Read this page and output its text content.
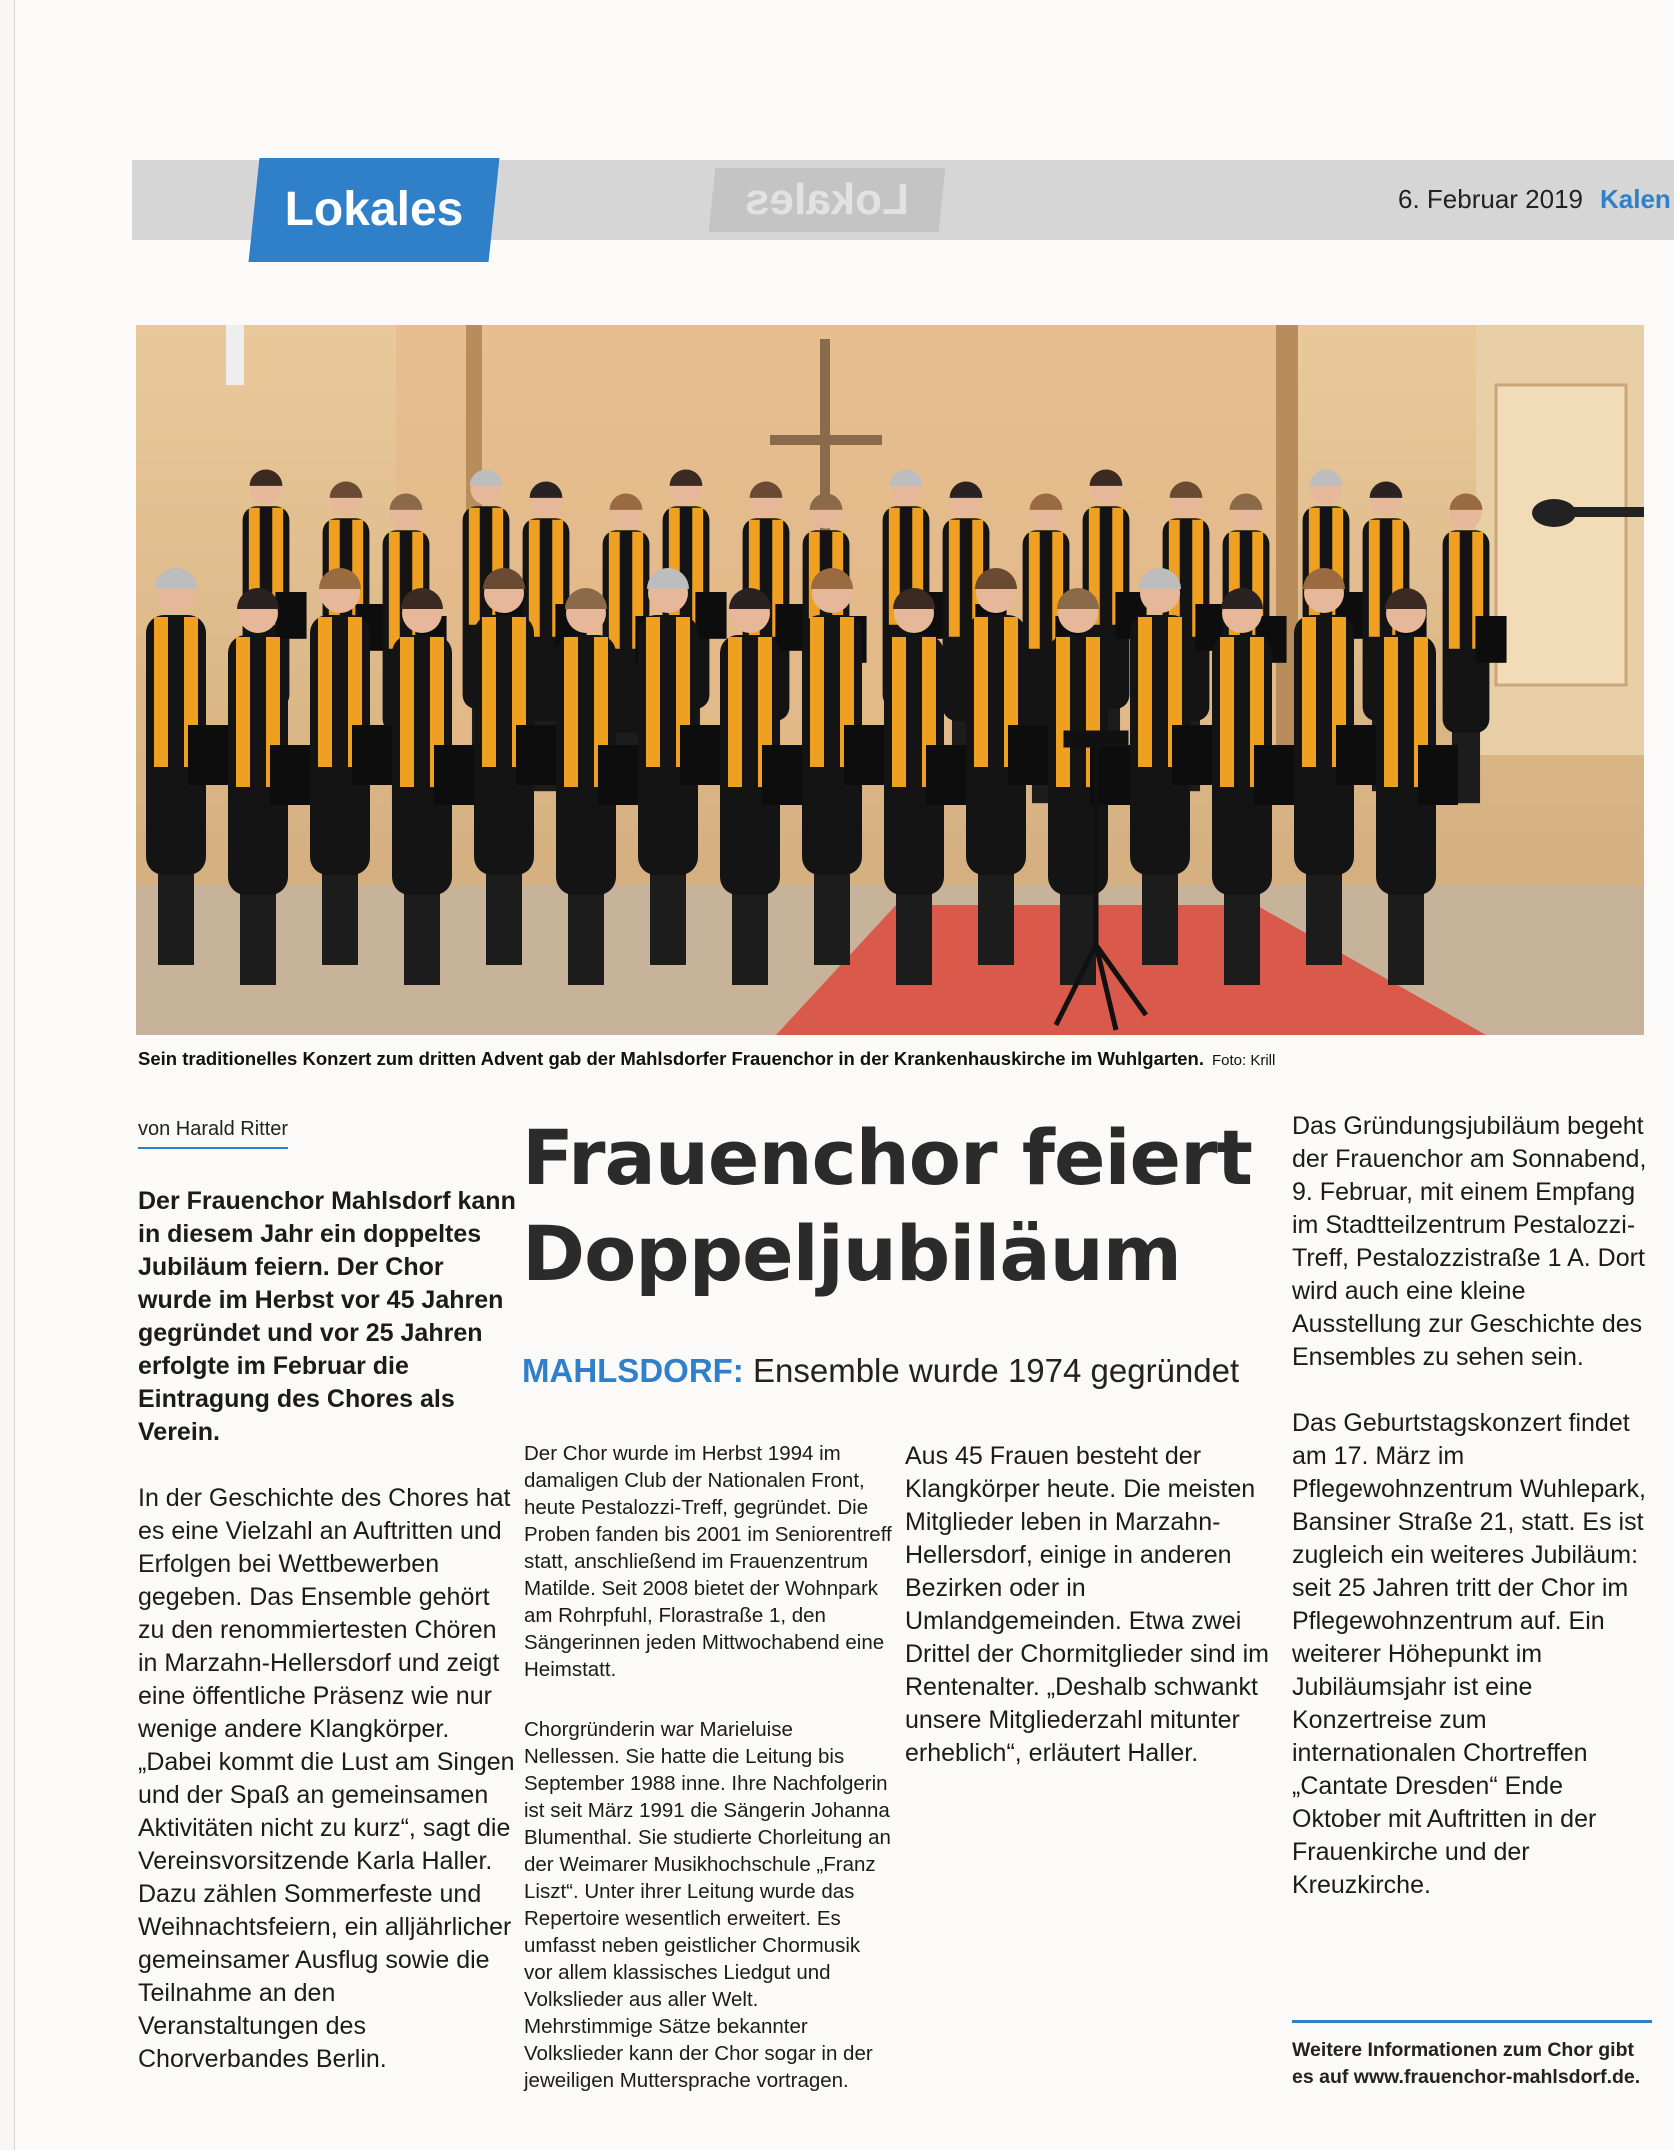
Lokales
Lokales	6. Februar 2019 Kalen
Sein traditionelles Konzert zum dritten Advent gab der Mahlsdorfer Frauenchor in der Krankenhauskirche im Wuhlgarten. Foto: Krill
von Harald Ritter	Frauenchor feiert
Doppeljubiläum
MAHLSDORF: Ensemble wurde 1974 gegründet

Der Frauenchor Mahlsdorf kann in diesem Jahr ein doppeltes Jubiläum feiern. Der Chor wurde im Herbst vor 45 Jahren gegründet und vor 25 Jahren erfolgte im Februar die Eintragung des Chores als Verein.

In der Geschichte des Chores hat es eine Vielzahl an Auftritten und Erfolgen bei Wettbewerben gegeben. Das Ensemble gehört zu den renommiertesten Chören in Marzahn-Hellersdorf und zeigt eine öffentliche Präsenz wie nur wenige andere Klangkörper. „Dabei kommt die Lust am Singen und der Spaß an gemeinsamen Aktivitäten nicht zu kurz“, sagt die Vereinsvorsitzende Karla Haller. Dazu zählen Sommerfeste und Weihnachtsfeiern, ein alljährlicher gemeinsamer Ausflug sowie die Teilnahme an den Veranstaltungen des Chorverbandes Berlin.

Der Chor wurde im Herbst 1994 im damaligen Club der Nationalen Front, heute Pestalozzi-Treff, gegründet. Die Proben fanden bis 2001 im Seniorentreff statt, anschließend im Frauenzentrum Matilde. Seit 2008 bietet der Wohnpark am Rohrpfuhl, Florastraße 1, den Sängerinnen jeden Mittwochabend eine Heimstatt.

Chorgründerin war Marieluise Nellessen. Sie hatte die Leitung bis September 1988 inne. Ihre Nachfolgerin ist seit März 1991 die Sängerin Johanna Blumenthal. Sie studierte Chorleitung an der Weimarer Musikhochschule „Franz Liszt“. Unter ihrer Leitung wurde das Repertoire wesentlich erweitert. Es umfasst neben geistlicher Chormusik vor allem klassisches Liedgut und Volkslieder aus aller Welt. Mehrstimmige Sätze bekannter Volkslieder kann der Chor sogar in der jeweiligen Muttersprache vortragen.

Aus 45 Frauen besteht der Klangkörper heute. Die meisten Mitglieder leben in Marzahn-Hellersdorf, einige in anderen Bezirken oder in Umlandgemeinden. Etwa zwei Drittel der Chormitglieder sind im Rentenalter. „Deshalb schwankt unsere Mitgliederzahl mitunter erheblich“, erläutert Haller.

Das Gründungsjubiläum begeht der Frauenchor am Sonnabend, 9. Februar, mit einem Empfang im Stadtteilzentrum Pestalozzi-Treff, Pestalozzistraße 1 A. Dort wird auch eine kleine Ausstellung zur Geschichte des Ensembles zu sehen sein.

Das Geburtstagskonzert findet am 17. März im Pflegewohnzentrum Wuhlepark, Bansiner Straße 21, statt. Es ist zugleich ein weiteres Jubiläum: seit 25 Jahren tritt der Chor im Pflegewohnzentrum auf. Ein weiterer Höhepunkt im Jubiläumsjahr ist eine Konzertreise zum internationalen Chortreffen „Cantate Dresden“ Ende Oktober mit Auftritten in der Frauenkirche und der Kreuzkirche.

Weitere Informationen zum Chor gibt es auf www.frauenchor-mahlsdorf.de.
